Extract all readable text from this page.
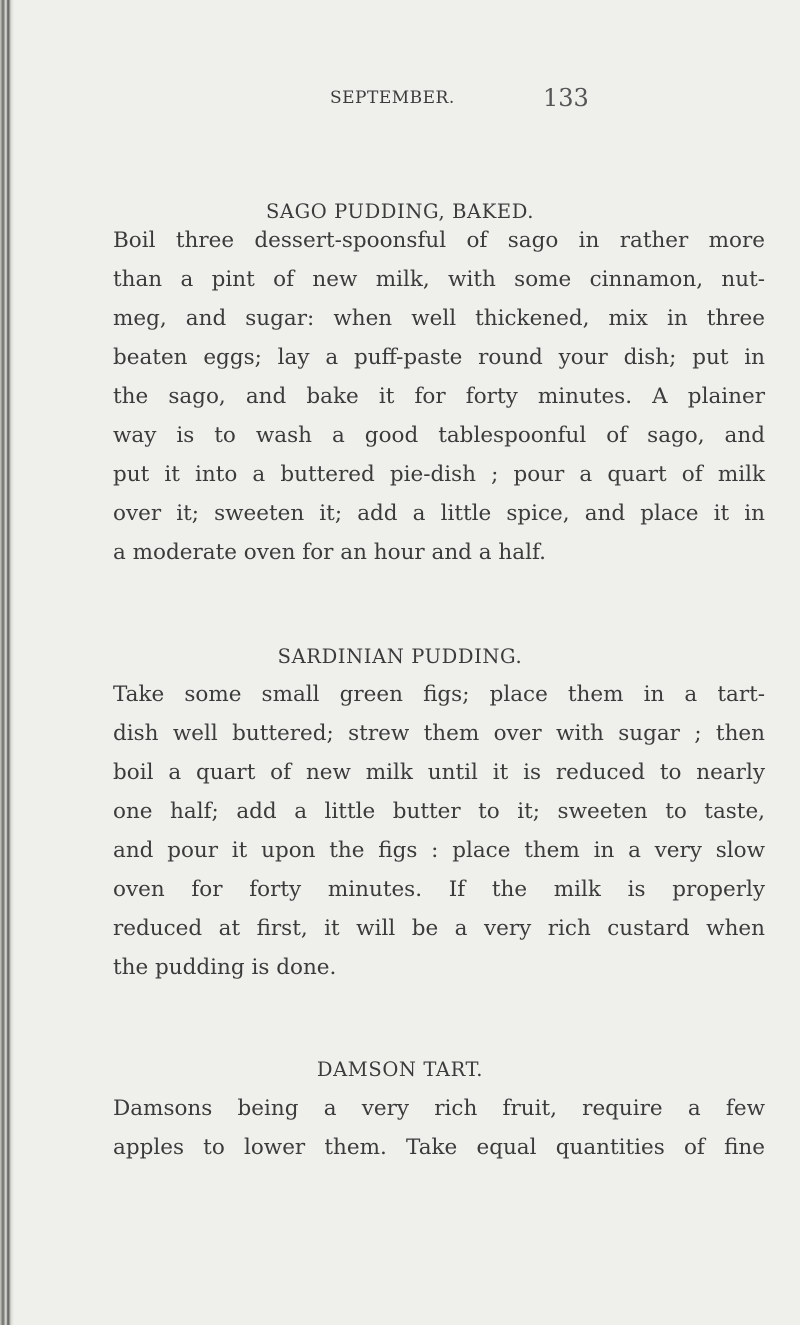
SEPTEMBER.	133
SAGO PUDDING, BAKED.
Boil three dessert-spoonsful of sago in rather more
than a pint of new milk, with some cinnamon, nut-
meg, and sugar: when well thickened, mix in three
beaten eggs; lay a puff-paste round your dish; put in
the sago, and bake it for forty minutes. A plainer
way is to wash a good tablespoonful of sago, and
put it into a buttered pie-dish ; pour a quart of milk
over it; sweeten it; add a little spice, and place it in
a moderate oven for an hour and a half.
SARDINIAN PUDDING.
Take some small green figs; place them in a tart-
dish well buttered; strew them over with sugar ; then
boil a quart of new milk until it is reduced to nearly
one half; add a little butter to it; sweeten to taste,
and pour it upon the figs : place them in a very slow
oven for forty minutes. If the milk is properly
reduced at first, it will be a very rich custard when
the pudding is done.
DAMSON TART.
Damsons being a very rich fruit, require a few
apples to lower them. Take equal quantities of fine
